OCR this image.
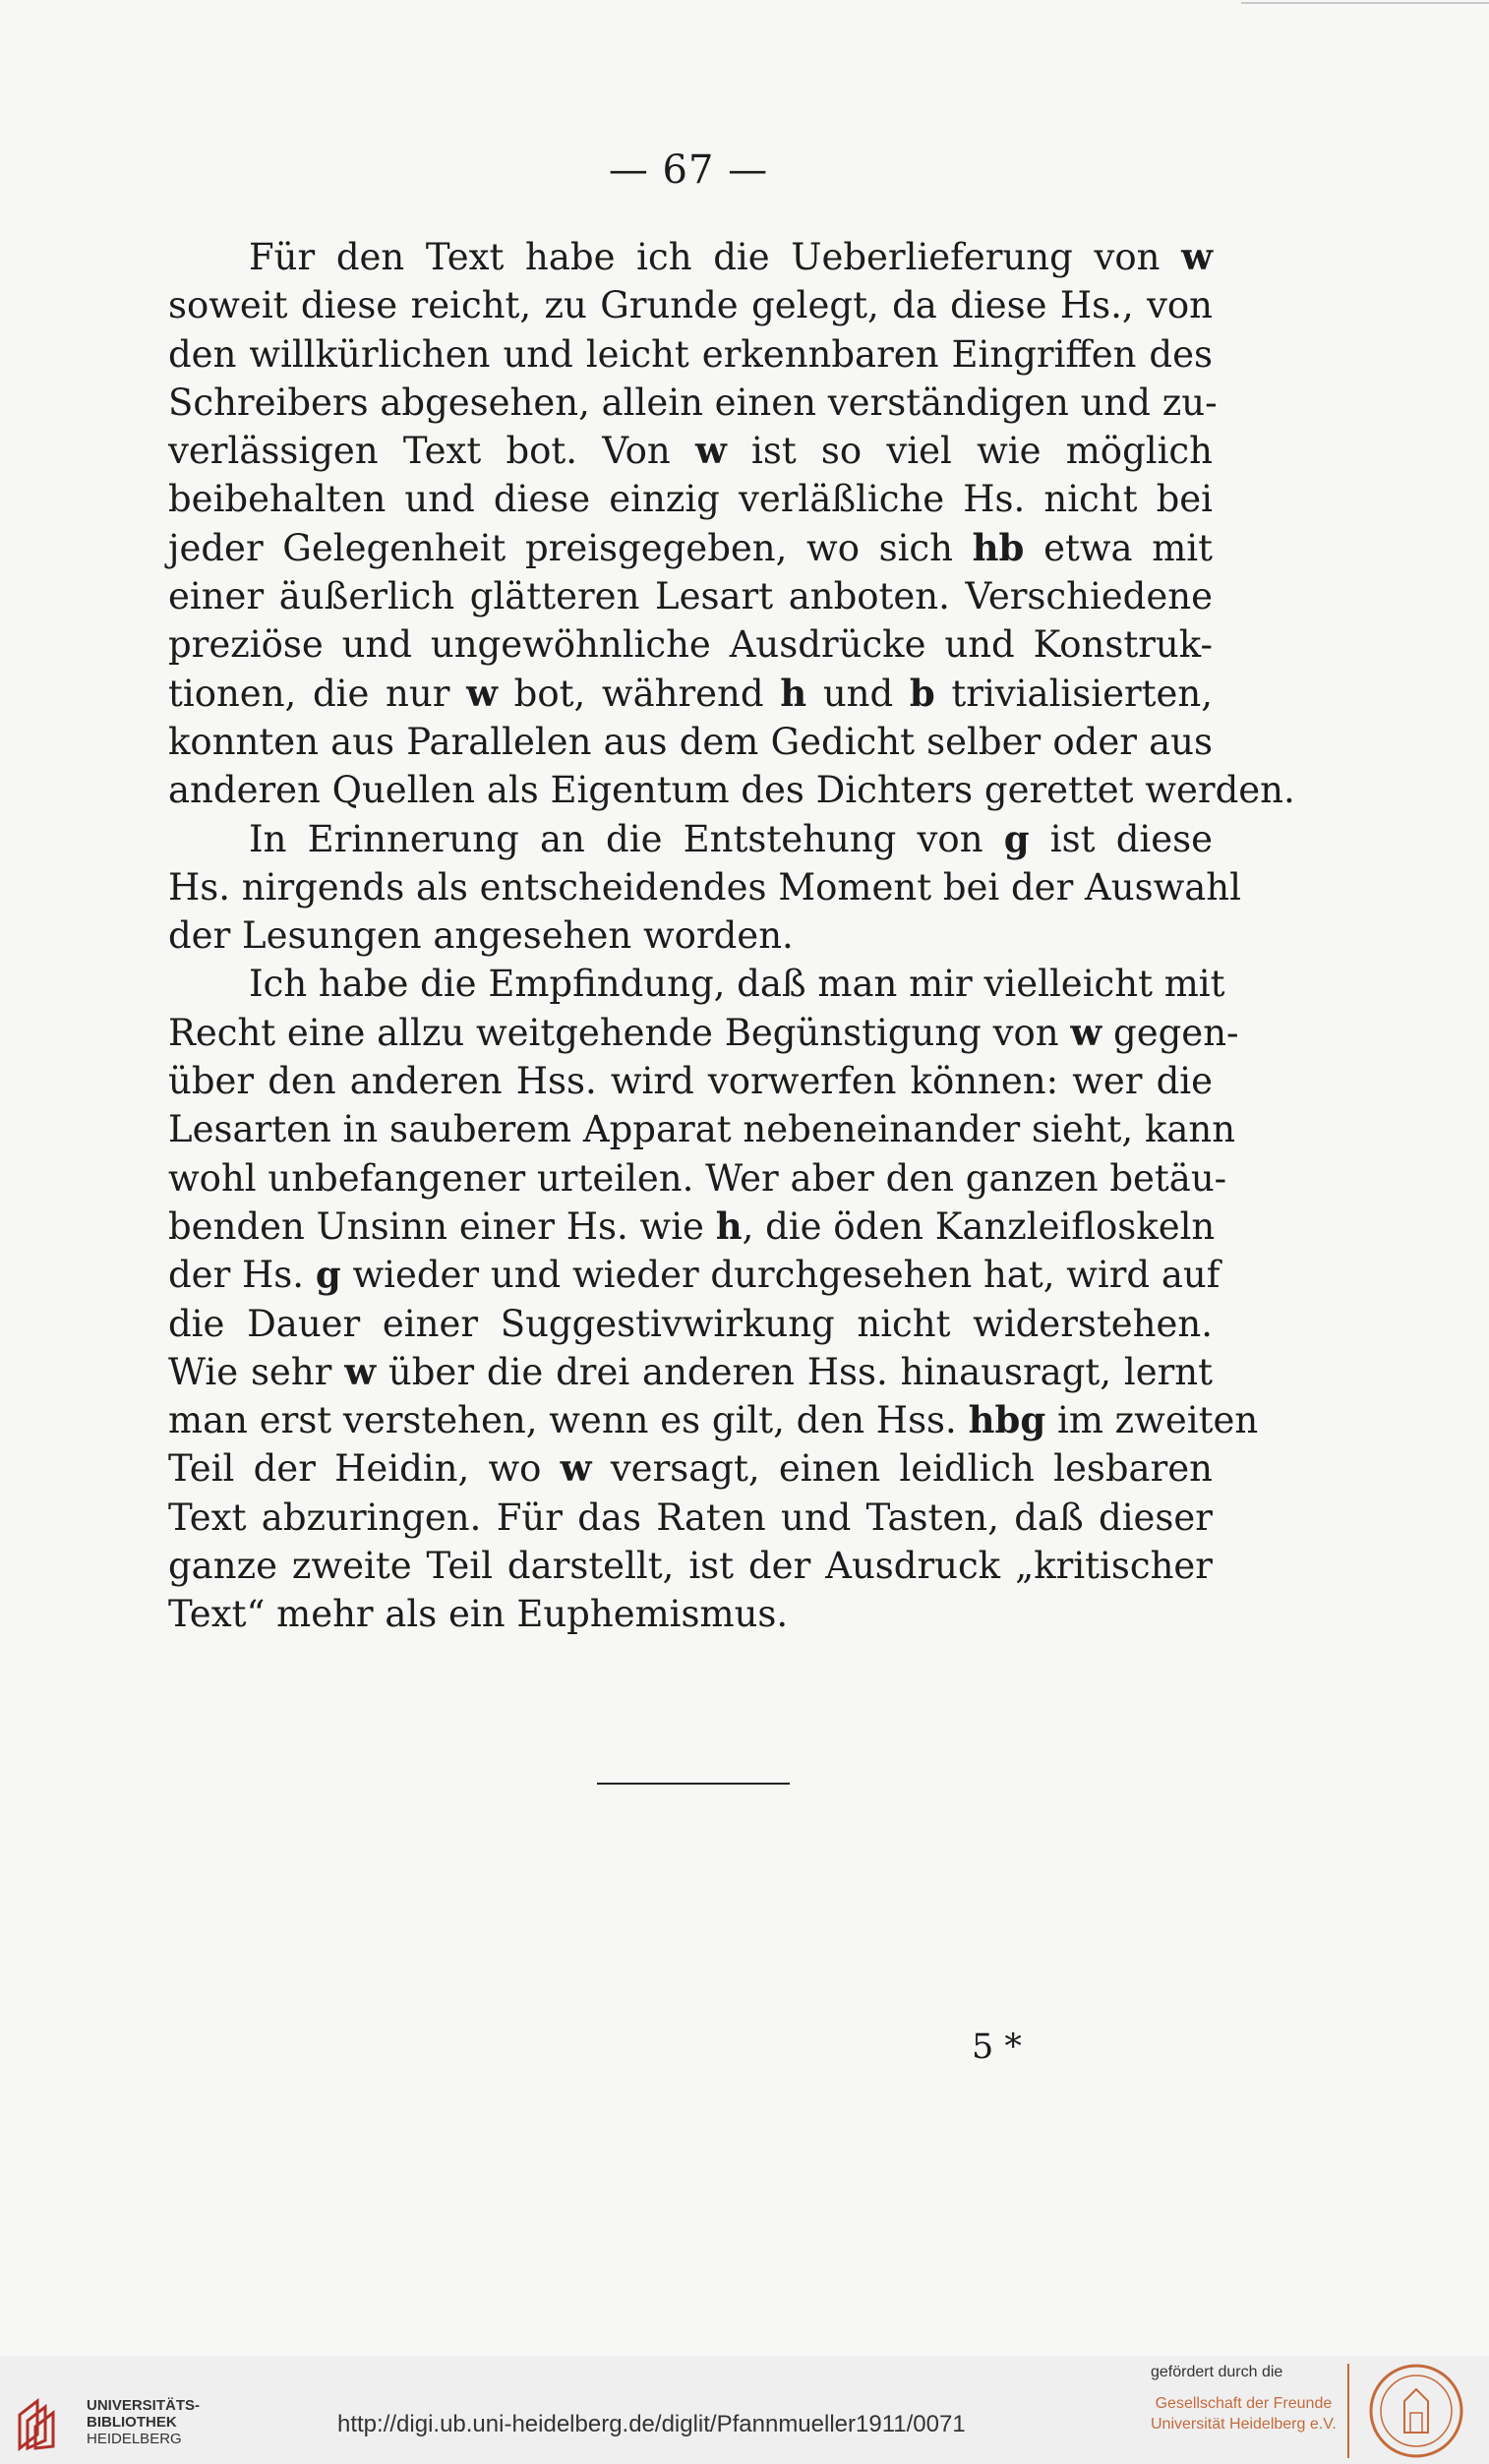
— 67 —
Für den Text habe ich die Ueberlieferung von w
soweit diese reicht, zu Grunde gelegt, da diese Hs., von
den willkürlichen und leicht erkennbaren Eingriffen des
Schreibers abgesehen, allein einen verständigen und zu-
verlässigen Text bot. Von w ist so viel wie möglich
beibehalten und diese einzig verläßliche Hs. nicht bei
jeder Gelegenheit preisgegeben, wo sich hb etwa mit
einer äußerlich glätteren Lesart anboten. Verschiedene
preziöse und ungewöhnliche Ausdrücke und Konstruk-
tionen, die nur w bot, während h und b trivialisierten,
konnten aus Parallelen aus dem Gedicht selber oder aus
anderen Quellen als Eigentum des Dichters gerettet werden.
In Erinnerung an die Entstehung von g ist diese
Hs. nirgends als entscheidendes Moment bei der Auswahl
der Lesungen angesehen worden.
Ich habe die Empfindung, daß man mir vielleicht mit
Recht eine allzu weitgehende Begünstigung von w gegen-
über den anderen Hss. wird vorwerfen können: wer die
Lesarten in sauberem Apparat nebeneinander sieht, kann
wohl unbefangener urteilen. Wer aber den ganzen betäu-
benden Unsinn einer Hs. wie h, die öden Kanzleifloskeln
der Hs. g wieder und wieder durchgesehen hat, wird auf
die Dauer einer Suggestivwirkung nicht widerstehen.
Wie sehr w über die drei anderen Hss. hinausragt, lernt
man erst verstehen, wenn es gilt, den Hss. hbg im zweiten
Teil der Heidin, wo w versagt, einen leidlich lesbaren
Text abzuringen. Für das Raten und Tasten, daß dieser
ganze zweite Teil darstellt, ist der Ausdruck „kritischer
Text“ mehr als ein Euphemismus.
5 *
UNIVERSITÄTS-
BIBLIOTHEK
HEIDELBERG
http://digi.ub.uni-heidelberg.de/diglit/Pfannmueller1911/0071
gefördert durch die
Gesellschaft der Freunde
Universität Heidelberg e.V.
